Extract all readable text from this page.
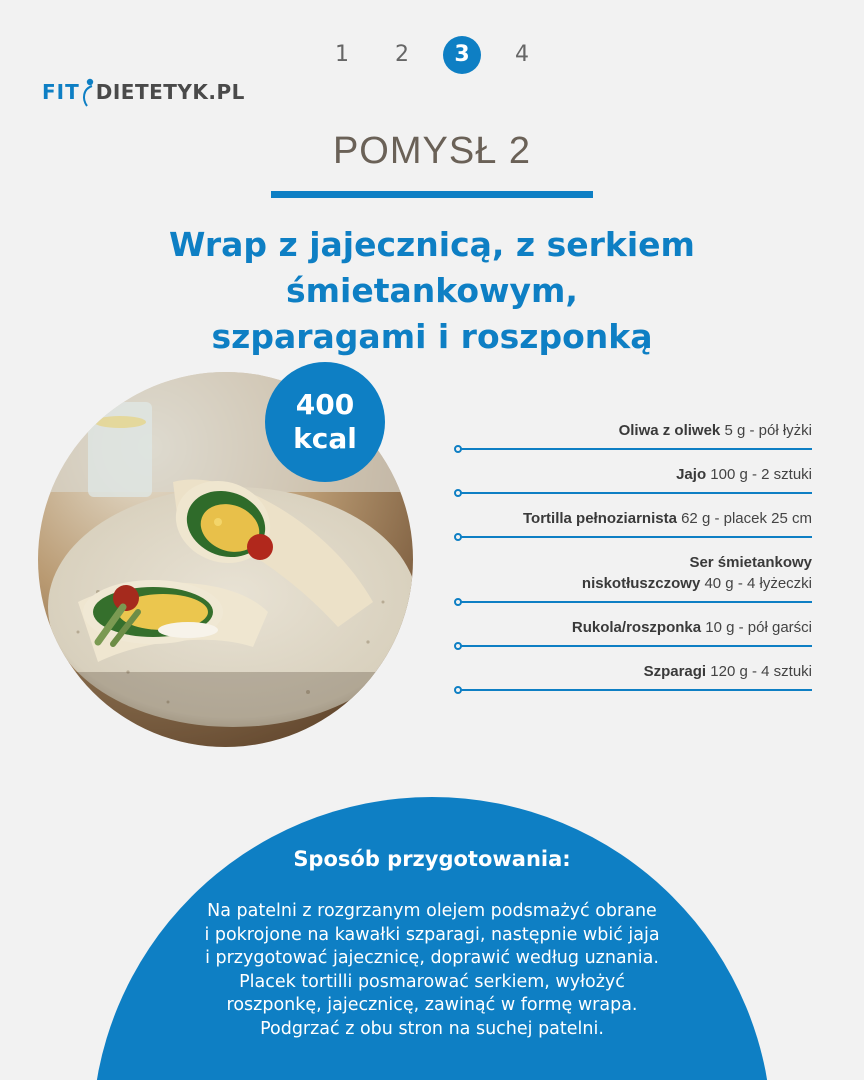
1	2	3	4
FIT DIETETYK.PL
POMYSŁ 2
Wrap z jajecznicą, z serkiem śmietankowym,
szparagami i roszponką
400
kcal	Oliwa z oliwek 5 g - pół łyżki
Jajo 100 g - 2 sztuki
Tortilla pełnoziarnista 62 g - placek 25 cm
Ser śmietankowy
niskotłuszczowy 40 g - 4 łyżeczki
Rukola/roszponka 10 g - pół garści
Szparagi 120 g - 4 sztuki
Sposób przygotowania:
Na patelni z rozgrzanym olejem podsmażyć obrane
i pokrojone na kawałki szparagi, następnie wbić jaja
i przygotować jajecznicę, doprawić według uznania.
Placek tortilli posmarować serkiem, wyłożyć
roszponkę, jajecznicę, zawinąć w formę wrapa.
Podgrzać z obu stron na suchej patelni.
